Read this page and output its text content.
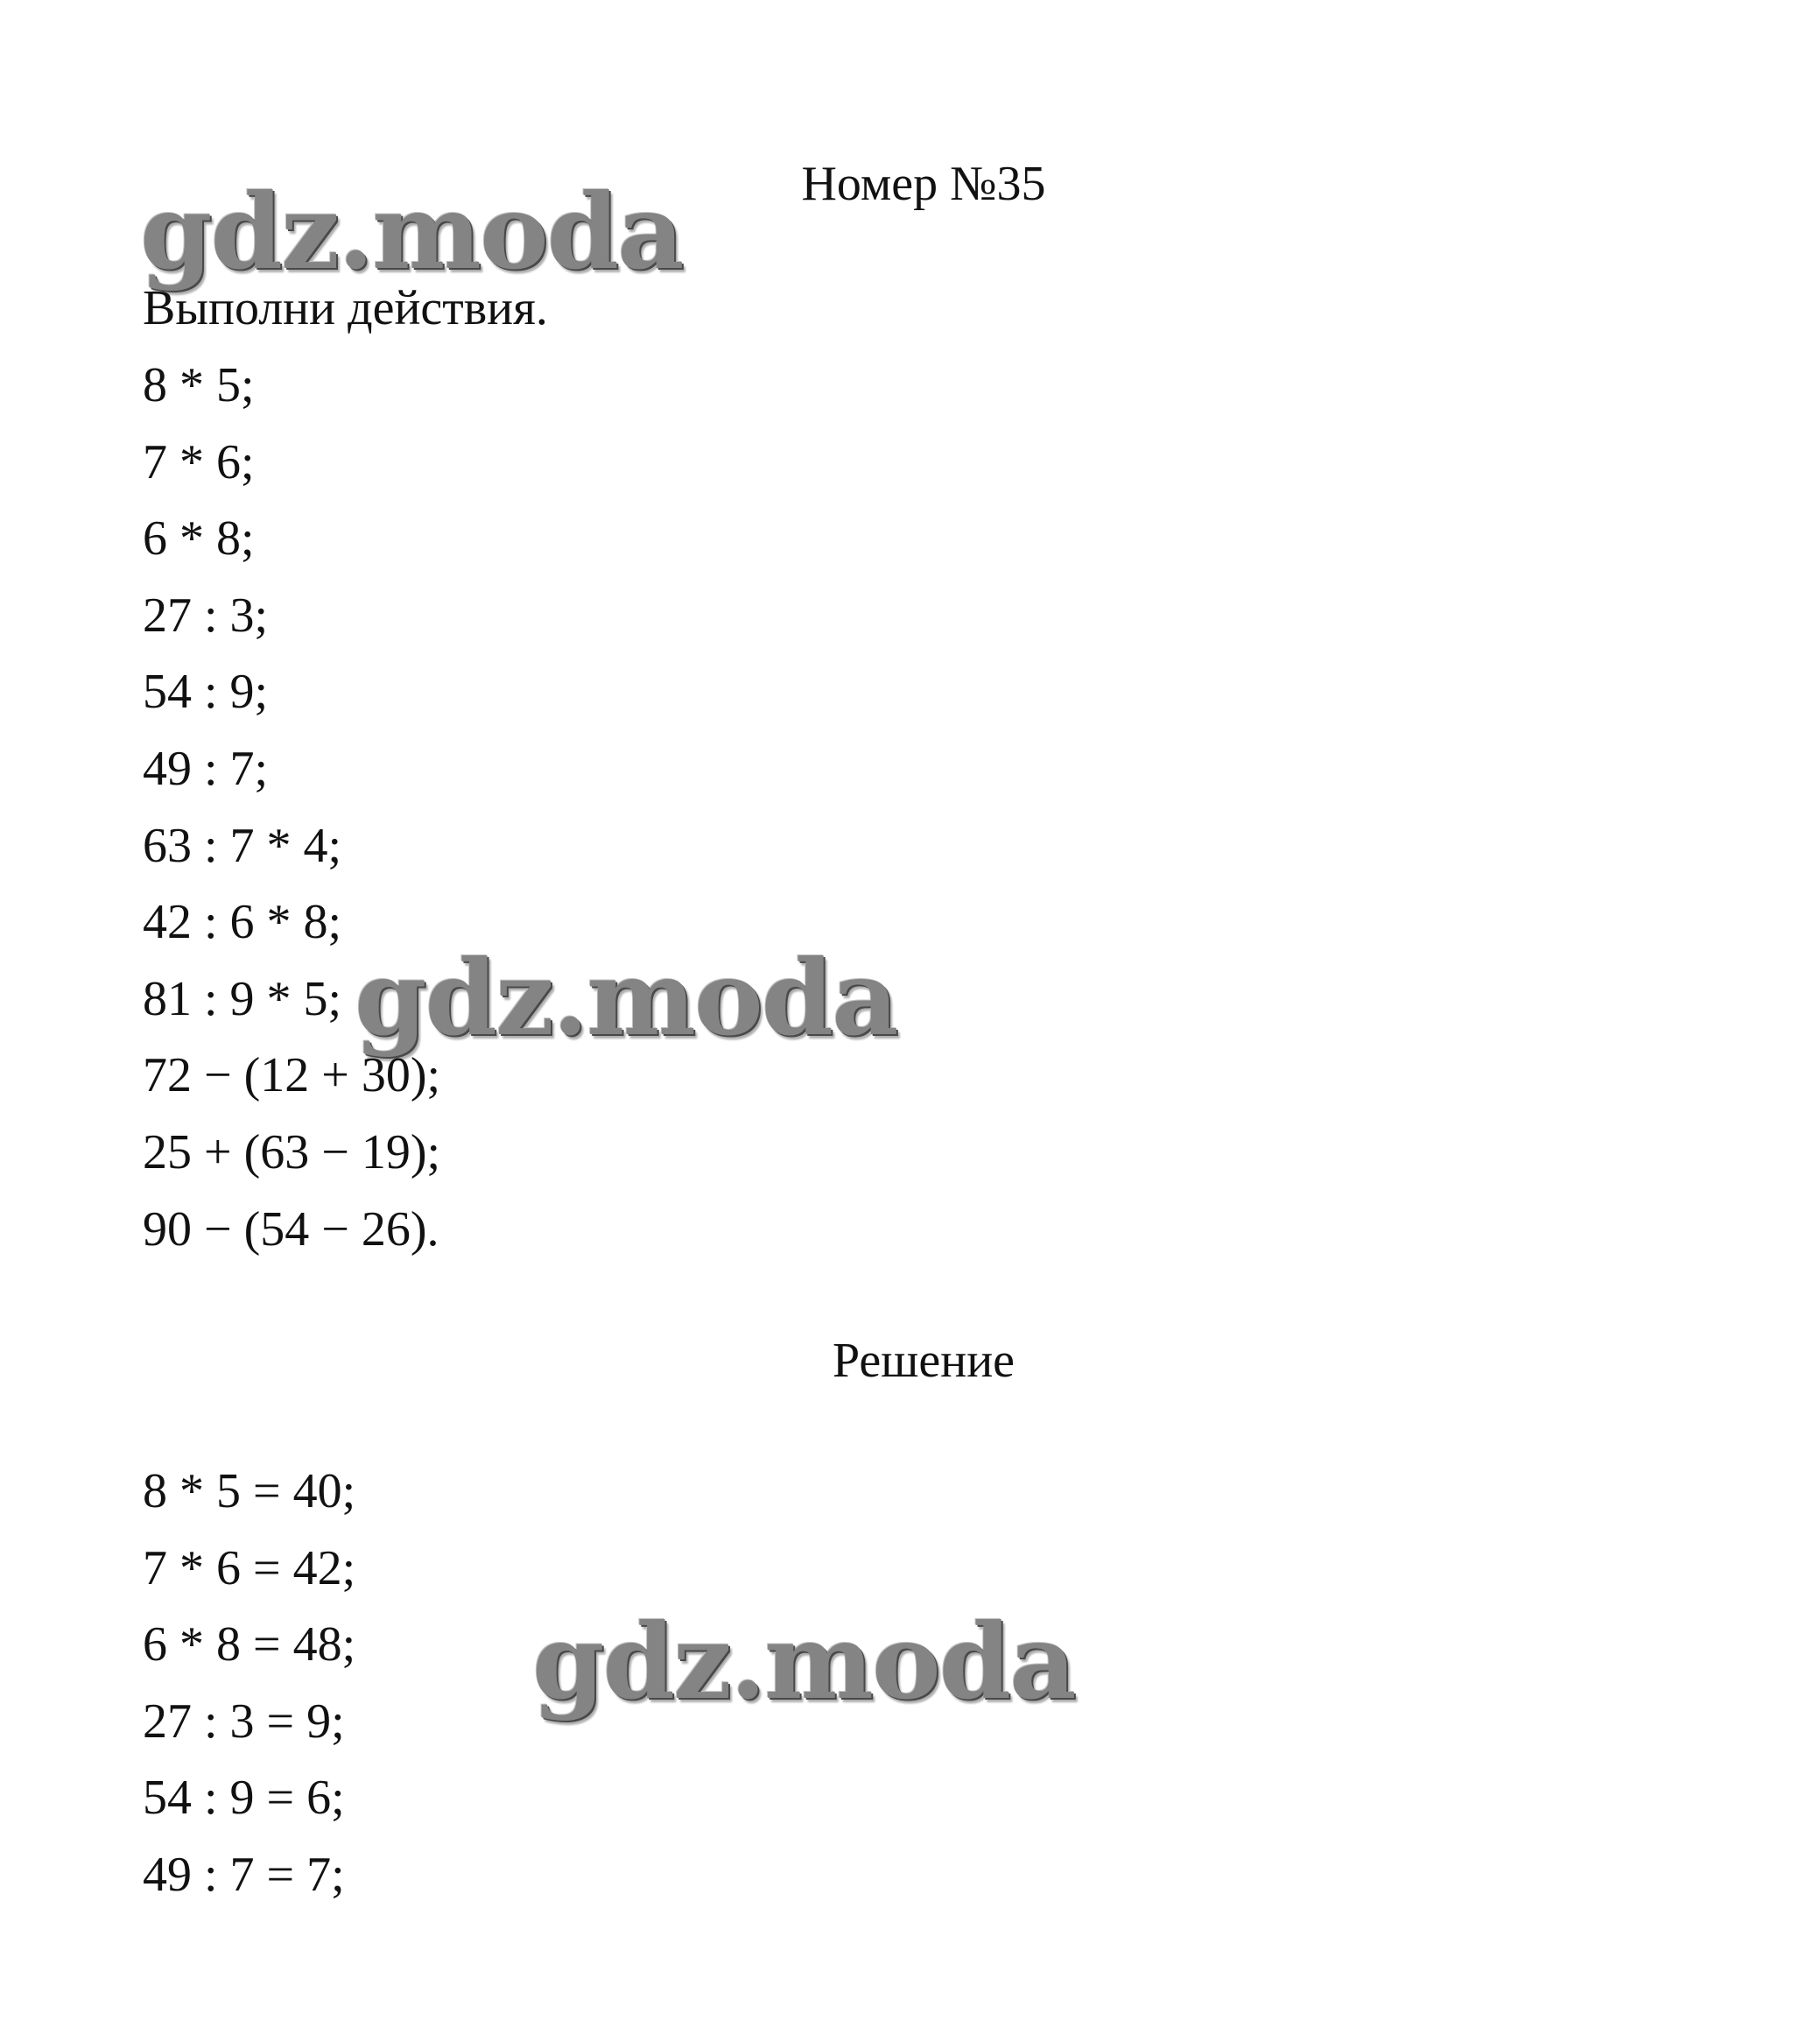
Номер №35
gdz.moda
Выполни действия.
8 * 5;
7 * 6;
6 * 8;
27 : 3;
54 : 9;
49 : 7;
63 : 7 * 4;
42 : 6 * 8;
81 : 9 * 5;
72 − (12 + 30);
25 + (63 − 19);
90 − (54 − 26).
gdz.moda
Решение
8 * 5 = 40;
7 * 6 = 42;
6 * 8 = 48;
27 : 3 = 9;
54 : 9 = 6;
49 : 7 = 7;
gdz.moda
